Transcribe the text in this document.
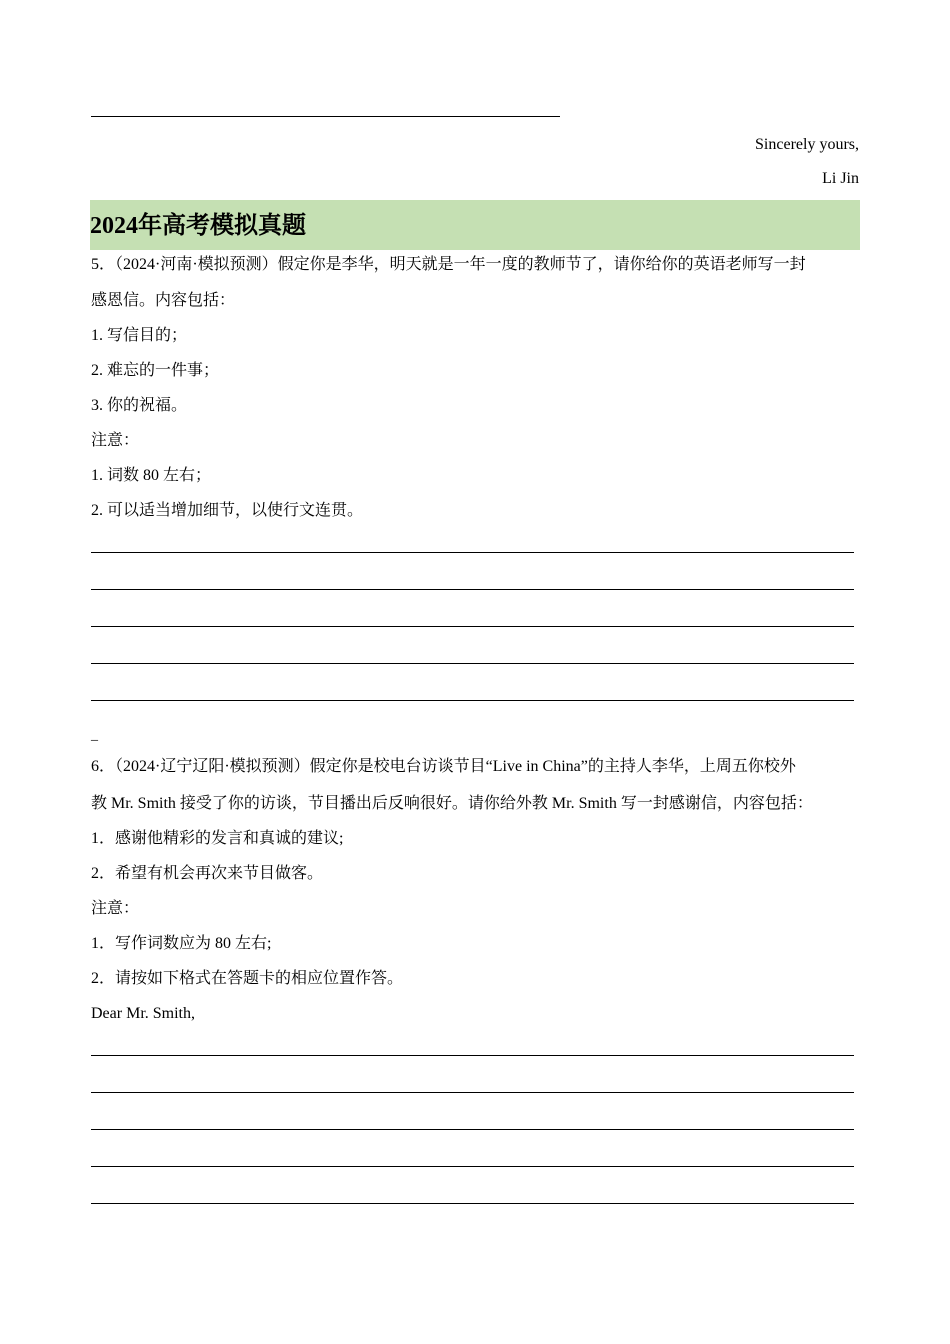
Sincerely yours,
Li Jin
2024年高考模拟真题
5．（2024·河南·模拟预测）假定你是李华，明天就是一年一度的教师节了，请你给你的英语老师写一封
感恩信。内容包括：
1. 写信目的；
2. 难忘的一件事；
3. 你的祝福。
注意：
1. 词数 80 左右；
2. 可以适当增加细节，以使行文连贯。
_
6．（2024·辽宁辽阳·模拟预测）假定你是校电台访谈节目“Live in China”的主持人李华，上周五你校外
教 Mr. Smith 接受了你的访谈，节目播出后反响很好。请你给外教 Mr. Smith 写一封感谢信，内容包括：
1．感谢他精彩的发言和真诚的建议;
2．希望有机会再次来节目做客。
注意：
1．写作词数应为 80 左右;
2．请按如下格式在答题卡的相应位置作答。
Dear Mr. Smith,
